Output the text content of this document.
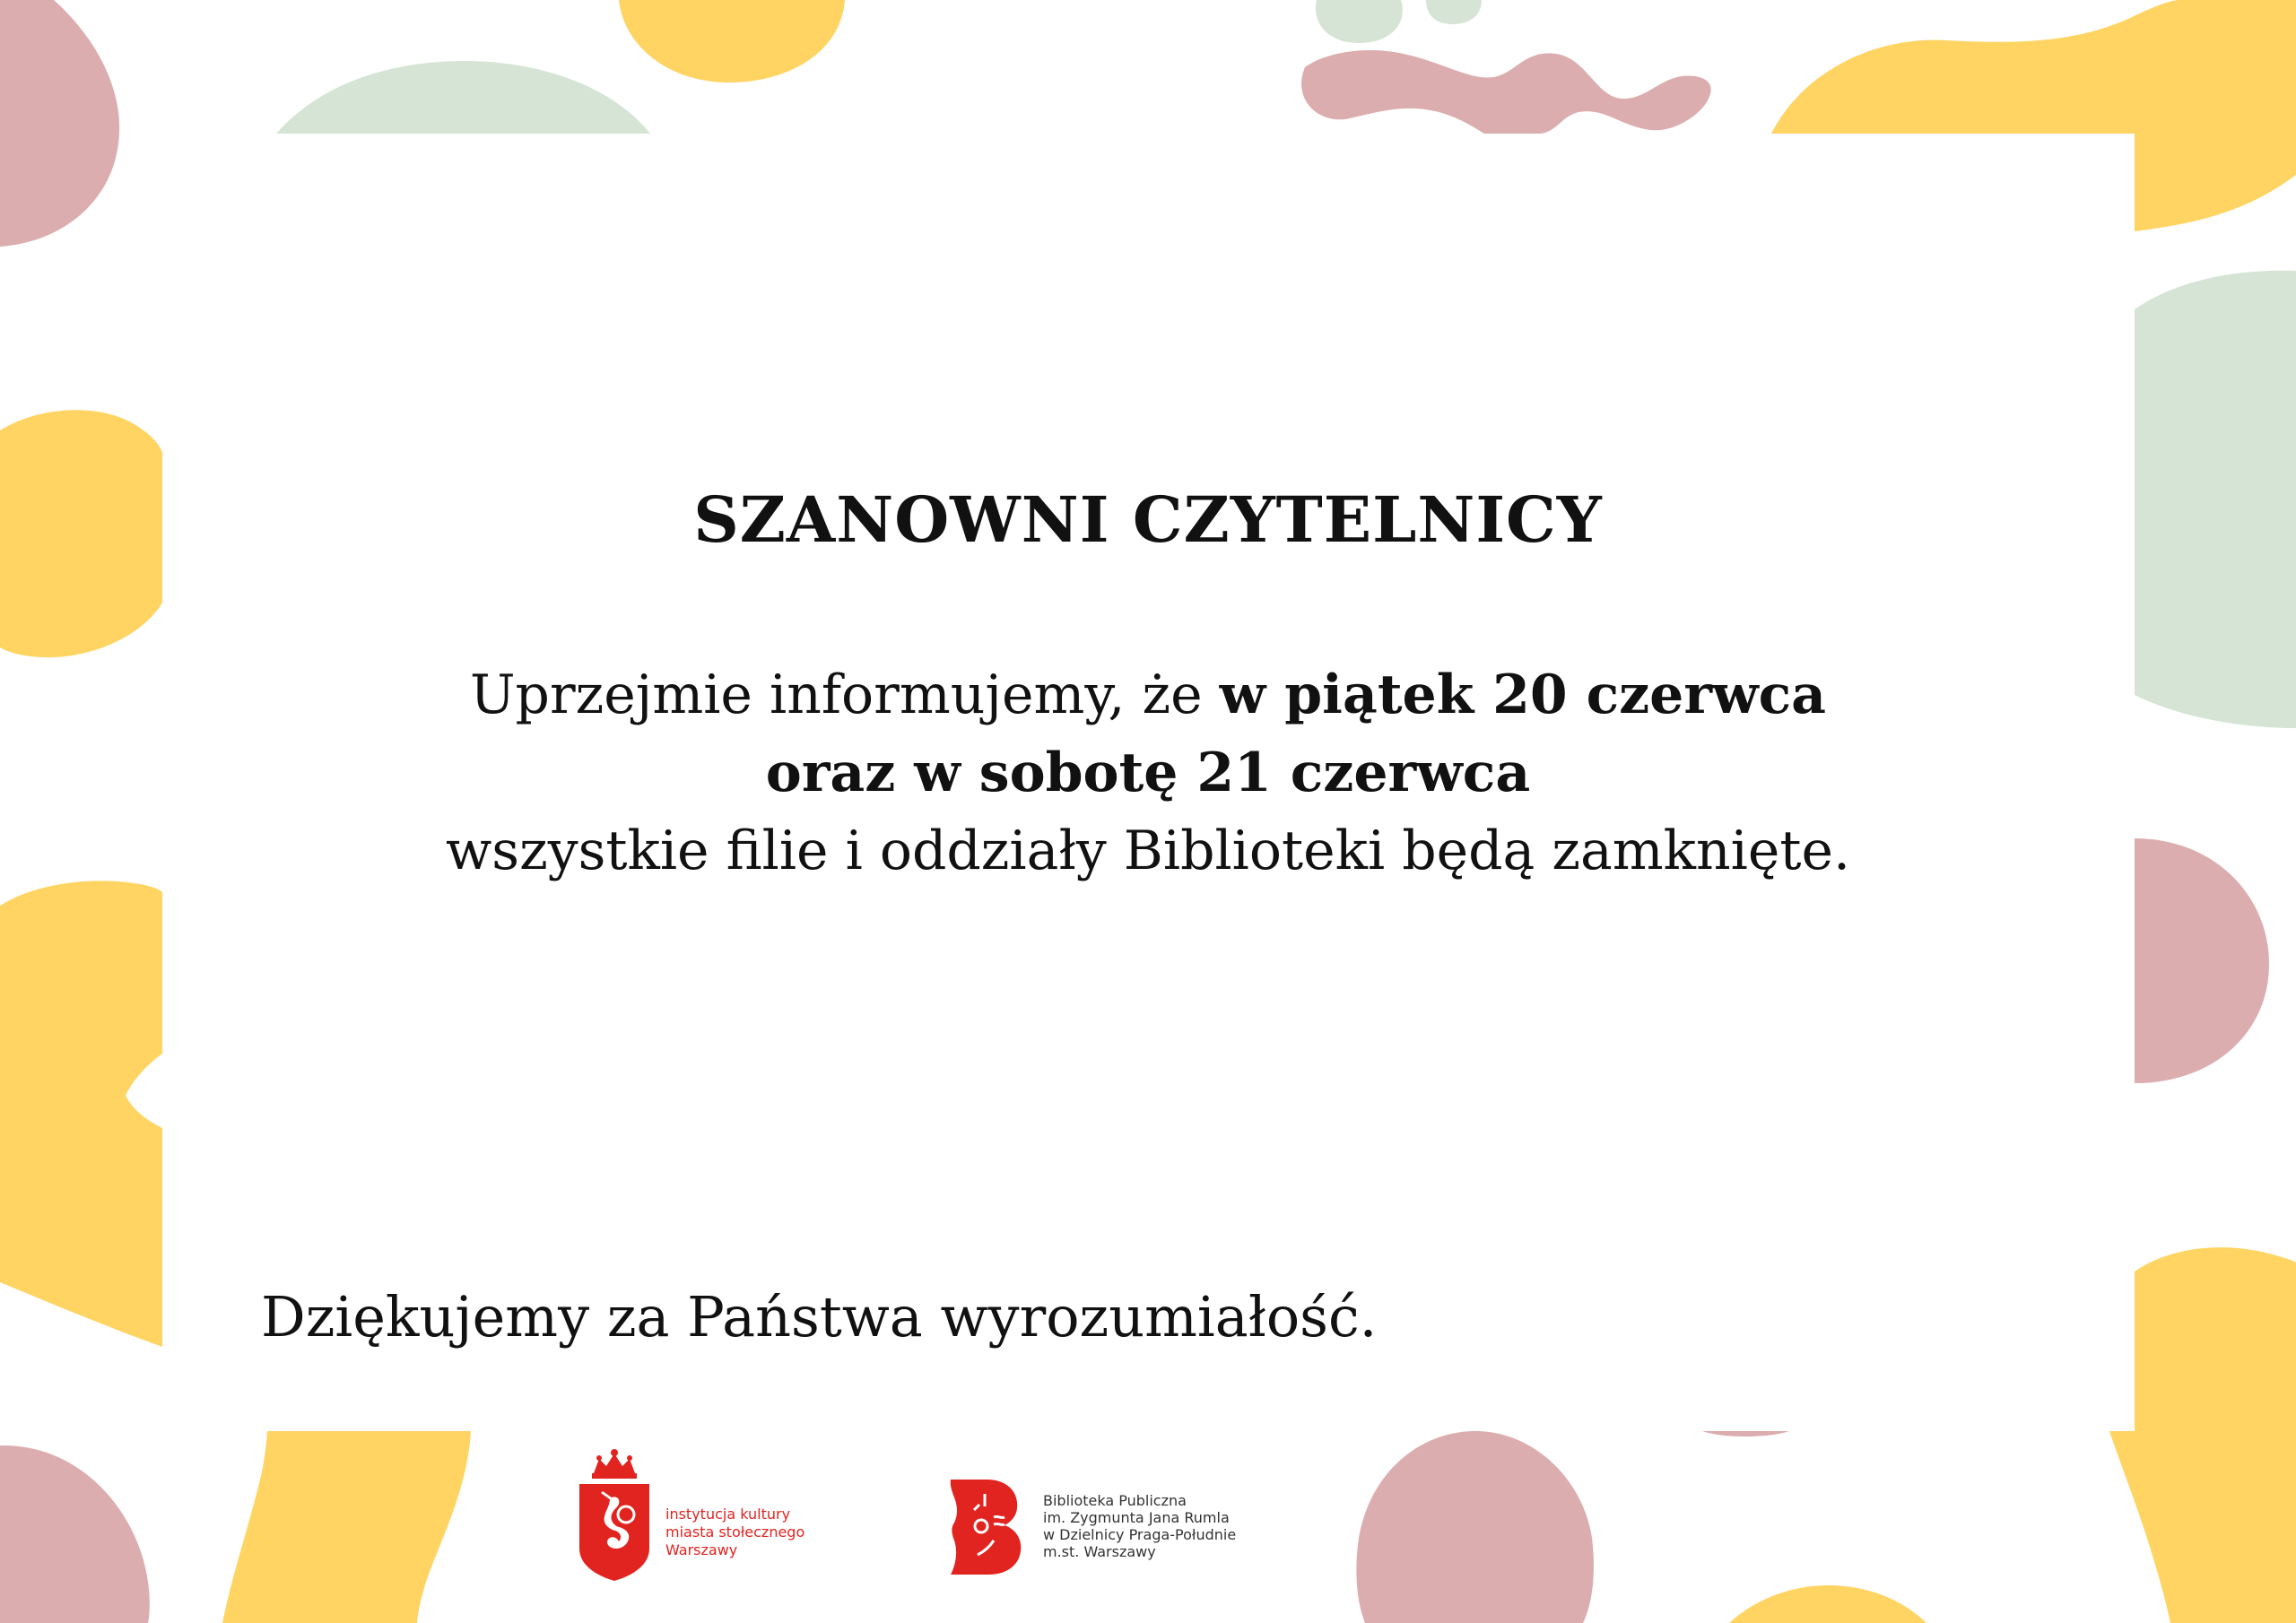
SZANOWNI CZYTELNICY
Uprzejmie informujemy, że w piątek 20 czerwca
oraz w sobotę 21 czerwca
wszystkie filie i oddziały Biblioteki będą zamknięte.
Dziękujemy za Państwa wyrozumiałość.
instytucja kultury
miasta stołecznego
Warszawy
Biblioteka Publiczna
im. Zygmunta Jana Rumla
w Dzielnicy Praga-Południe
m.st. Warszawy
